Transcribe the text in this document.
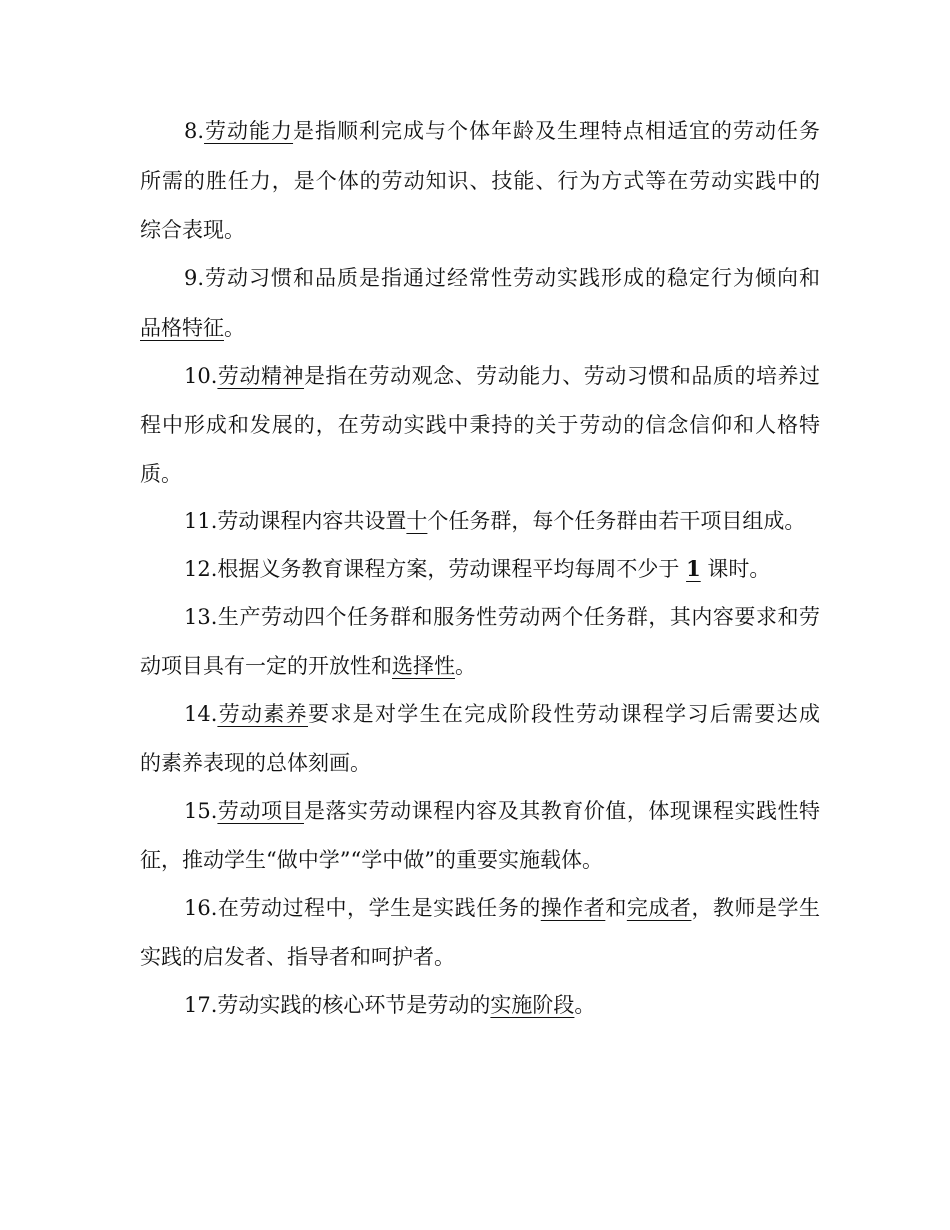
8.劳动能力是指顺利完成与个体年龄及生理特点相适宜的劳动任务
所需的胜任力，是个体的劳动知识、技能、行为方式等在劳动实践中的
综合表现。
9.劳动习惯和品质是指通过经常性劳动实践形成的稳定行为倾向和
品格特征。
10.劳动精神是指在劳动观念、劳动能力、劳动习惯和品质的培养过
程中形成和发展的，在劳动实践中秉持的关于劳动的信念信仰和人格特
质。
11.劳动课程内容共设置十个任务群，每个任务群由若干项目组成。
12.根据义务教育课程方案，劳动课程平均每周不少于 1 课时。
13.生产劳动四个任务群和服务性劳动两个任务群，其内容要求和劳
动项目具有一定的开放性和选择性。
14.劳动素养要求是对学生在完成阶段性劳动课程学习后需要达成
的素养表现的总体刻画。
15.劳动项目是落实劳动课程内容及其教育价值，体现课程实践性特
征，推动学生“做中学”“学中做”的重要实施载体。
16.在劳动过程中，学生是实践任务的操作者和完成者，教师是学生
实践的启发者、指导者和呵护者。
17.劳动实践的核心环节是劳动的实施阶段。
